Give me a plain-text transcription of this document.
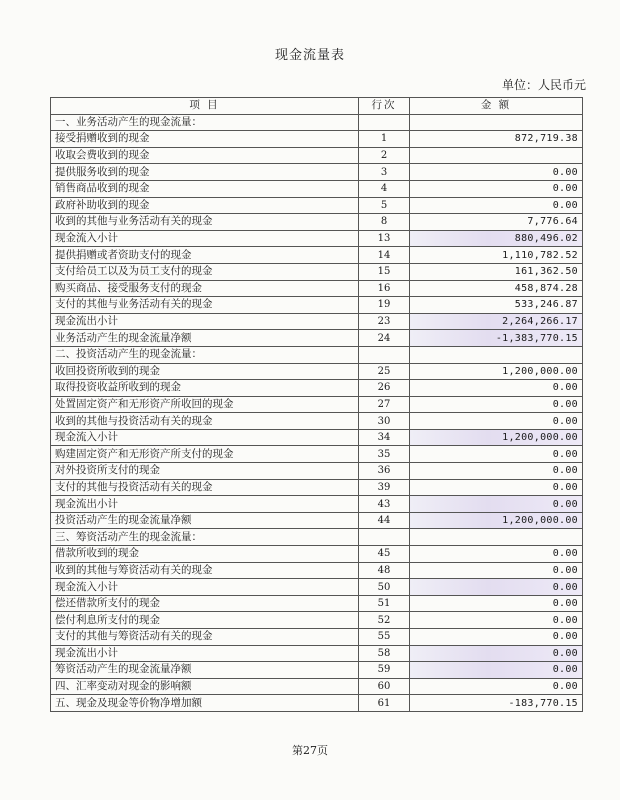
现金流量表
单位：人民币元
项 目	行次	金 额
一、业务活动产生的现金流量：		
接受捐赠收到的现金	1	872,719.38
收取会费收到的现金	2	
提供服务收到的现金	3	0.00
销售商品收到的现金	4	0.00
政府补助收到的现金	5	0.00
收到的其他与业务活动有关的现金	8	7,776.64
现金流入小计	13	880,496.02
提供捐赠或者资助支付的现金	14	1,110,782.52
支付给员工以及为员工支付的现金	15	161,362.50
购买商品、接受服务支付的现金	16	458,874.28
支付的其他与业务活动有关的现金	19	533,246.87
现金流出小计	23	2,264,266.17
业务活动产生的现金流量净额	24	-1,383,770.15
二、投资活动产生的现金流量：		
收回投资所收到的现金	25	1,200,000.00
取得投资收益所收到的现金	26	0.00
处置固定资产和无形资产所收回的现金	27	0.00
收到的其他与投资活动有关的现金	30	0.00
现金流入小计	34	1,200,000.00
购建固定资产和无形资产所支付的现金	35	0.00
对外投资所支付的现金	36	0.00
支付的其他与投资活动有关的现金	39	0.00
现金流出小计	43	0.00
投资活动产生的现金流量净额	44	1,200,000.00
三、筹资活动产生的现金流量：		
借款所收到的现金	45	0.00
收到的其他与筹资活动有关的现金	48	0.00
现金流入小计	50	0.00
偿还借款所支付的现金	51	0.00
偿付利息所支付的现金	52	0.00
支付的其他与筹资活动有关的现金	55	0.00
现金流出小计	58	0.00
筹资活动产生的现金流量净额	59	0.00
四、汇率变动对现金的影响额	60	0.00
五、现金及现金等价物净增加额	61	-183,770.15
第27页
